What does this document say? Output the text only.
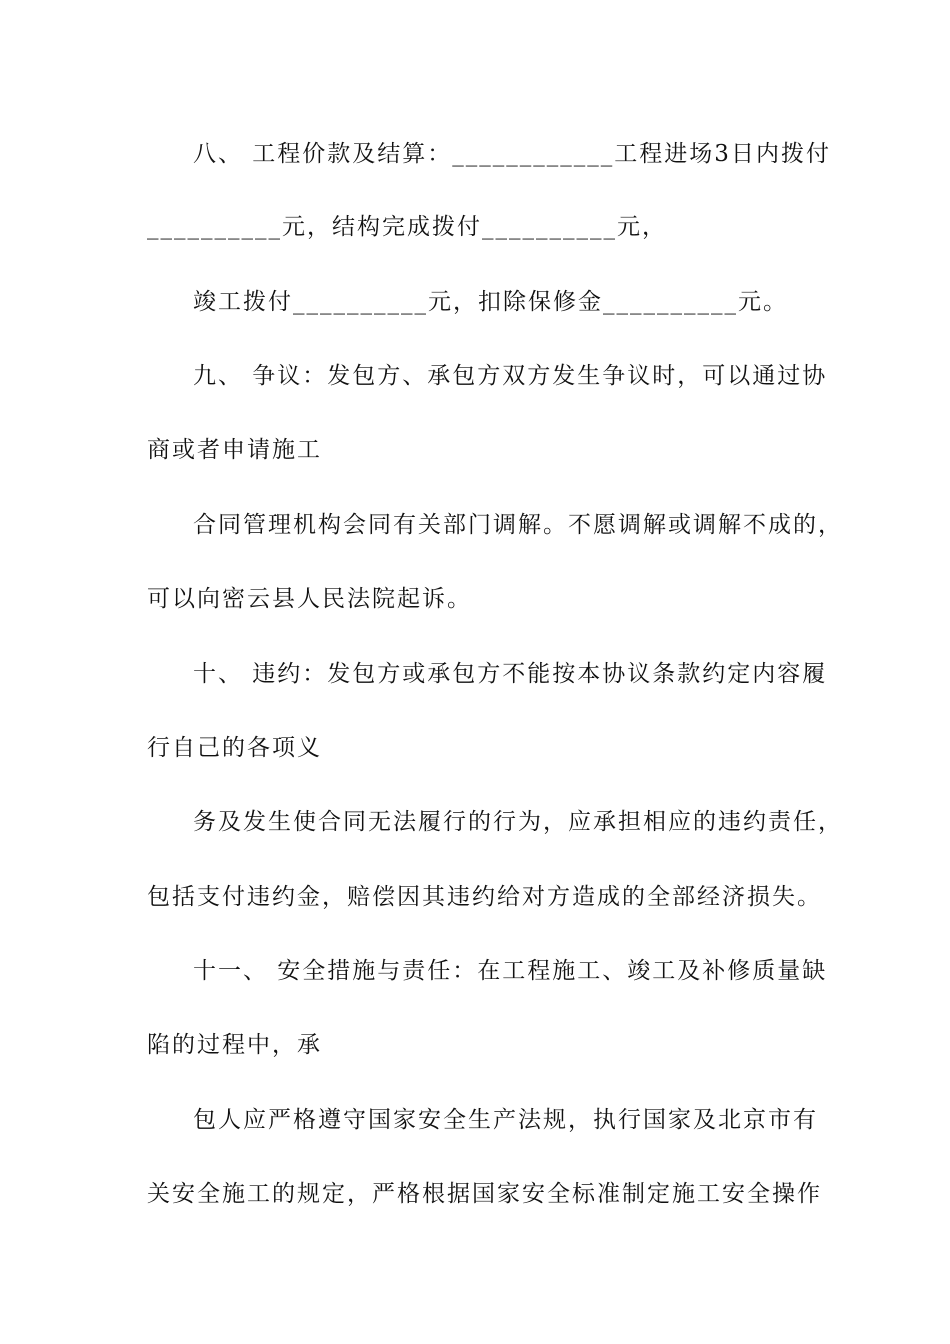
八、 工程价款及结算：____________工程进场3日内拨付
__________元，结构完成拨付__________元，
竣工拨付__________元，扣除保修金__________元。
九、 争议：发包方、承包方双方发生争议时，可以通过协
商或者申请施工
合同管理机构会同有关部门调解。不愿调解或调解不成的，
可以向密云县人民法院起诉。
十、 违约：发包方或承包方不能按本协议条款约定内容履
行自己的各项义
务及发生使合同无法履行的行为，应承担相应的违约责任，
包括支付违约金，赔偿因其违约给对方造成的全部经济损失。
十一、 安全措施与责任：在工程施工、竣工及补修质量缺
陷的过程中，承
包人应严格遵守国家安全生产法规，执行国家及北京市有
关安全施工的规定，严格根据国家安全标准制定施工安全操作
